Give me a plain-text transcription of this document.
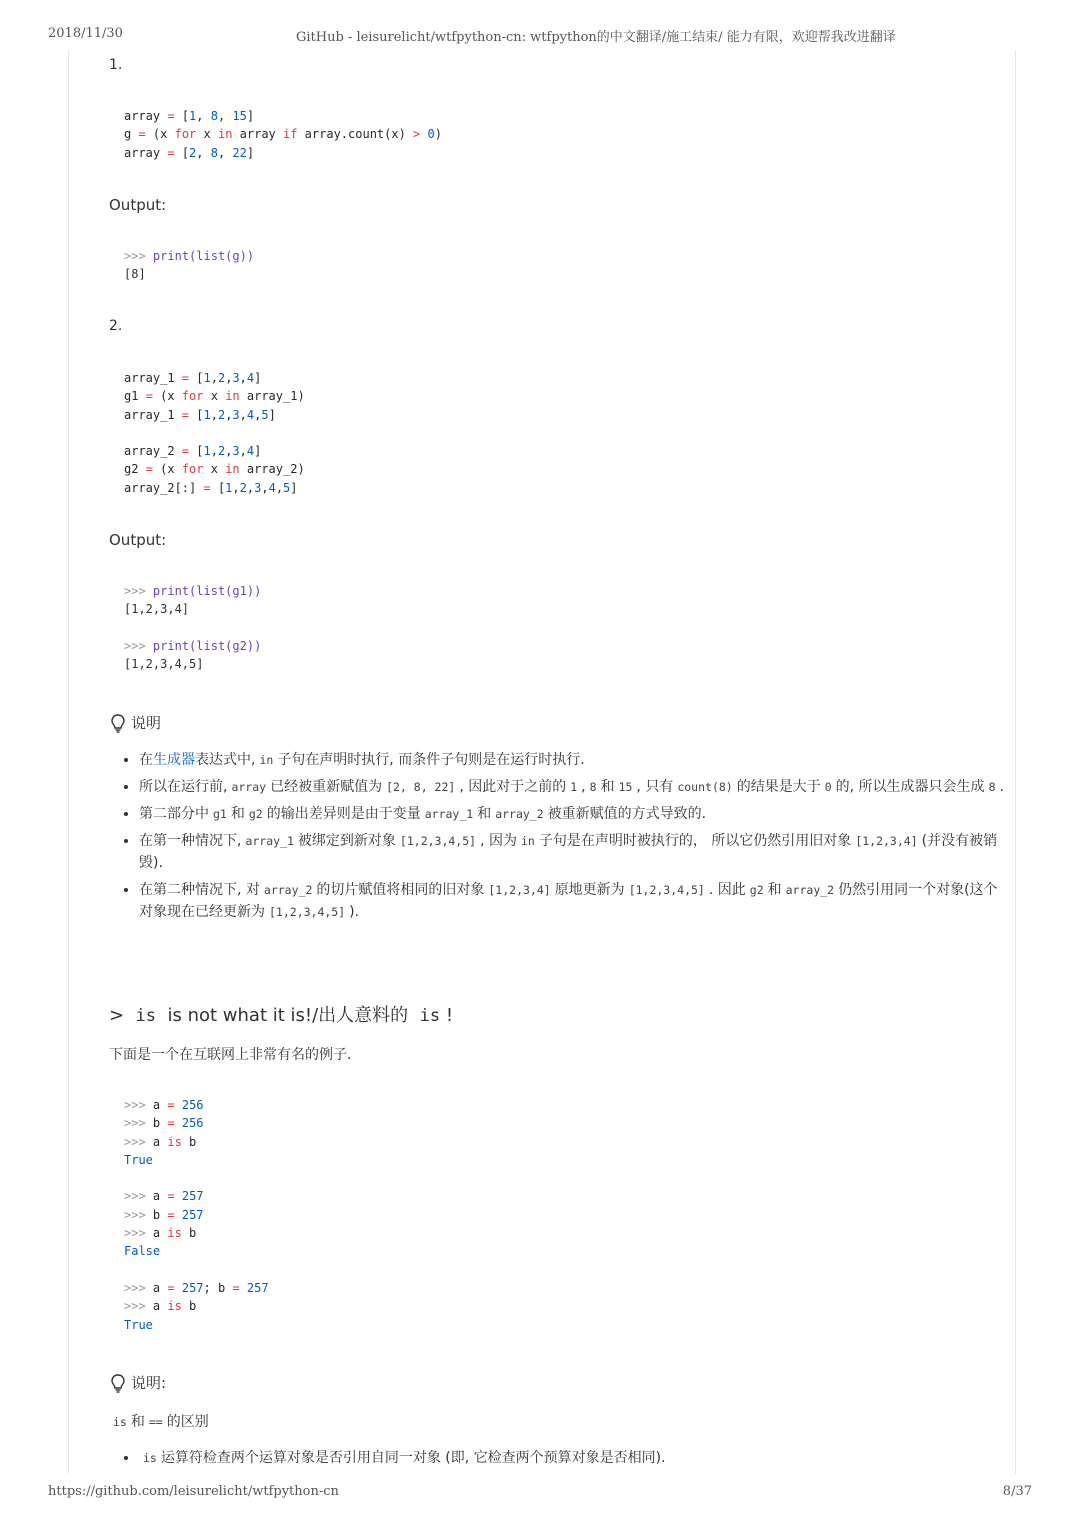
2018/11/30	GitHub - leisurelicht/wtfpython-cn: wtfpython的中文翻译/施工结束/ 能力有限，欢迎帮我改进翻译
1.
array = [1, 8, 15]
g = (x for x in array if array.count(x) > 0)
array = [2, 8, 22]
Output:
>>> print(list(g))
[8]
2.
array_1 = [1,2,3,4]
g1 = (x for x in array_1)
array_1 = [1,2,3,4,5]

array_2 = [1,2,3,4]
g2 = (x for x in array_2)
array_2[:] = [1,2,3,4,5]
Output:
>>> print(list(g1))
[1,2,3,4]

>>> print(list(g2))
[1,2,3,4,5]
说明
• 在生成器表达式中, in 子句在声明时执行, 而条件子句则是在运行时执行.
• 所以在运行前, array 已经被重新赋值为 [2, 8, 22] , 因此对于之前的 1 , 8 和 15 , 只有 count(8) 的结果是大于 0 的, 所以生成器只会生成 8 .
• 第二部分中 g1 和 g2 的输出差异则是由于变量 array_1 和 array_2 被重新赋值的方式导致的.
• 在第一种情况下, array_1 被绑定到新对象 [1,2,3,4,5] , 因为 in 子句是在声明时被执行的， 所以它仍然引用旧对象 [1,2,3,4] (并没有被销毁).
• 在第二种情况下, 对 array_2 的切片赋值将相同的旧对象 [1,2,3,4] 原地更新为 [1,2,3,4,5] . 因此 g2 和 array_2 仍然引用同一个对象(这个对象现在已经更新为 [1,2,3,4,5] ).
> is is not what it is!/出人意料的 is !
下面是一个在互联网上非常有名的例子.
>>> a = 256
>>> b = 256
>>> a is b
True

>>> a = 257
>>> b = 257
>>> a is b
False

>>> a = 257; b = 257
>>> a is b
True
说明:
is 和 == 的区别
• is 运算符检查两个运算对象是否引用自同一对象 (即, 它检查两个预算对象是否相同).
https://github.com/leisurelicht/wtfpython-cn	8/37
